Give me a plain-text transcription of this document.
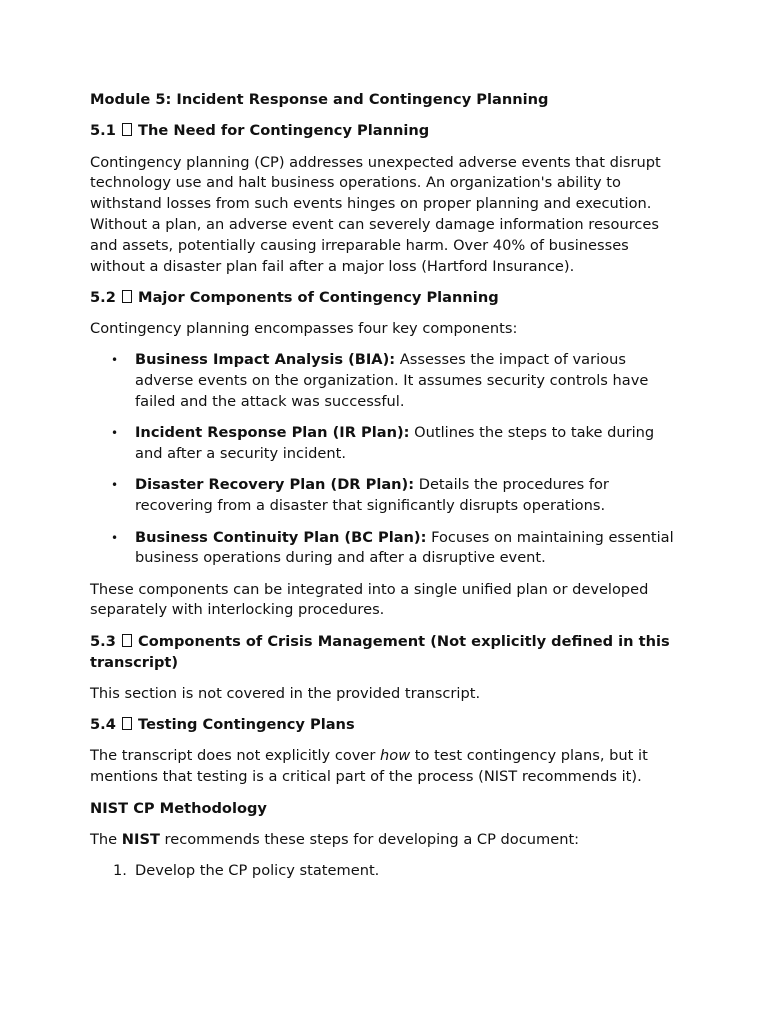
Module 5: Incident Response and Contingency Planning
5.1 The Need for Contingency Planning
Contingency planning (CP) addresses unexpected adverse events that disrupt technology use and halt business operations. An organization's ability to withstand losses from such events hinges on proper planning and execution. Without a plan, an adverse event can severely damage information resources and assets, potentially causing irreparable harm. Over 40% of businesses without a disaster plan fail after a major loss (Hartford Insurance).
5.2 Major Components of Contingency Planning
Contingency planning encompasses four key components:
• Business Impact Analysis (BIA): Assesses the impact of various adverse events on the organization. It assumes security controls have failed and the attack was successful.
• Incident Response Plan (IR Plan): Outlines the steps to take during and after a security incident.
• Disaster Recovery Plan (DR Plan): Details the procedures for recovering from a disaster that significantly disrupts operations.
• Business Continuity Plan (BC Plan): Focuses on maintaining essential business operations during and after a disruptive event.
These components can be integrated into a single unified plan or developed separately with interlocking procedures.
5.3 Components of Crisis Management (Not explicitly defined in this transcript)
This section is not covered in the provided transcript.
5.4 Testing Contingency Plans
The transcript does not explicitly cover how to test contingency plans, but it mentions that testing is a critical part of the process (NIST recommends it).
NIST CP Methodology
The NIST recommends these steps for developing a CP document:
1. Develop the CP policy statement.
